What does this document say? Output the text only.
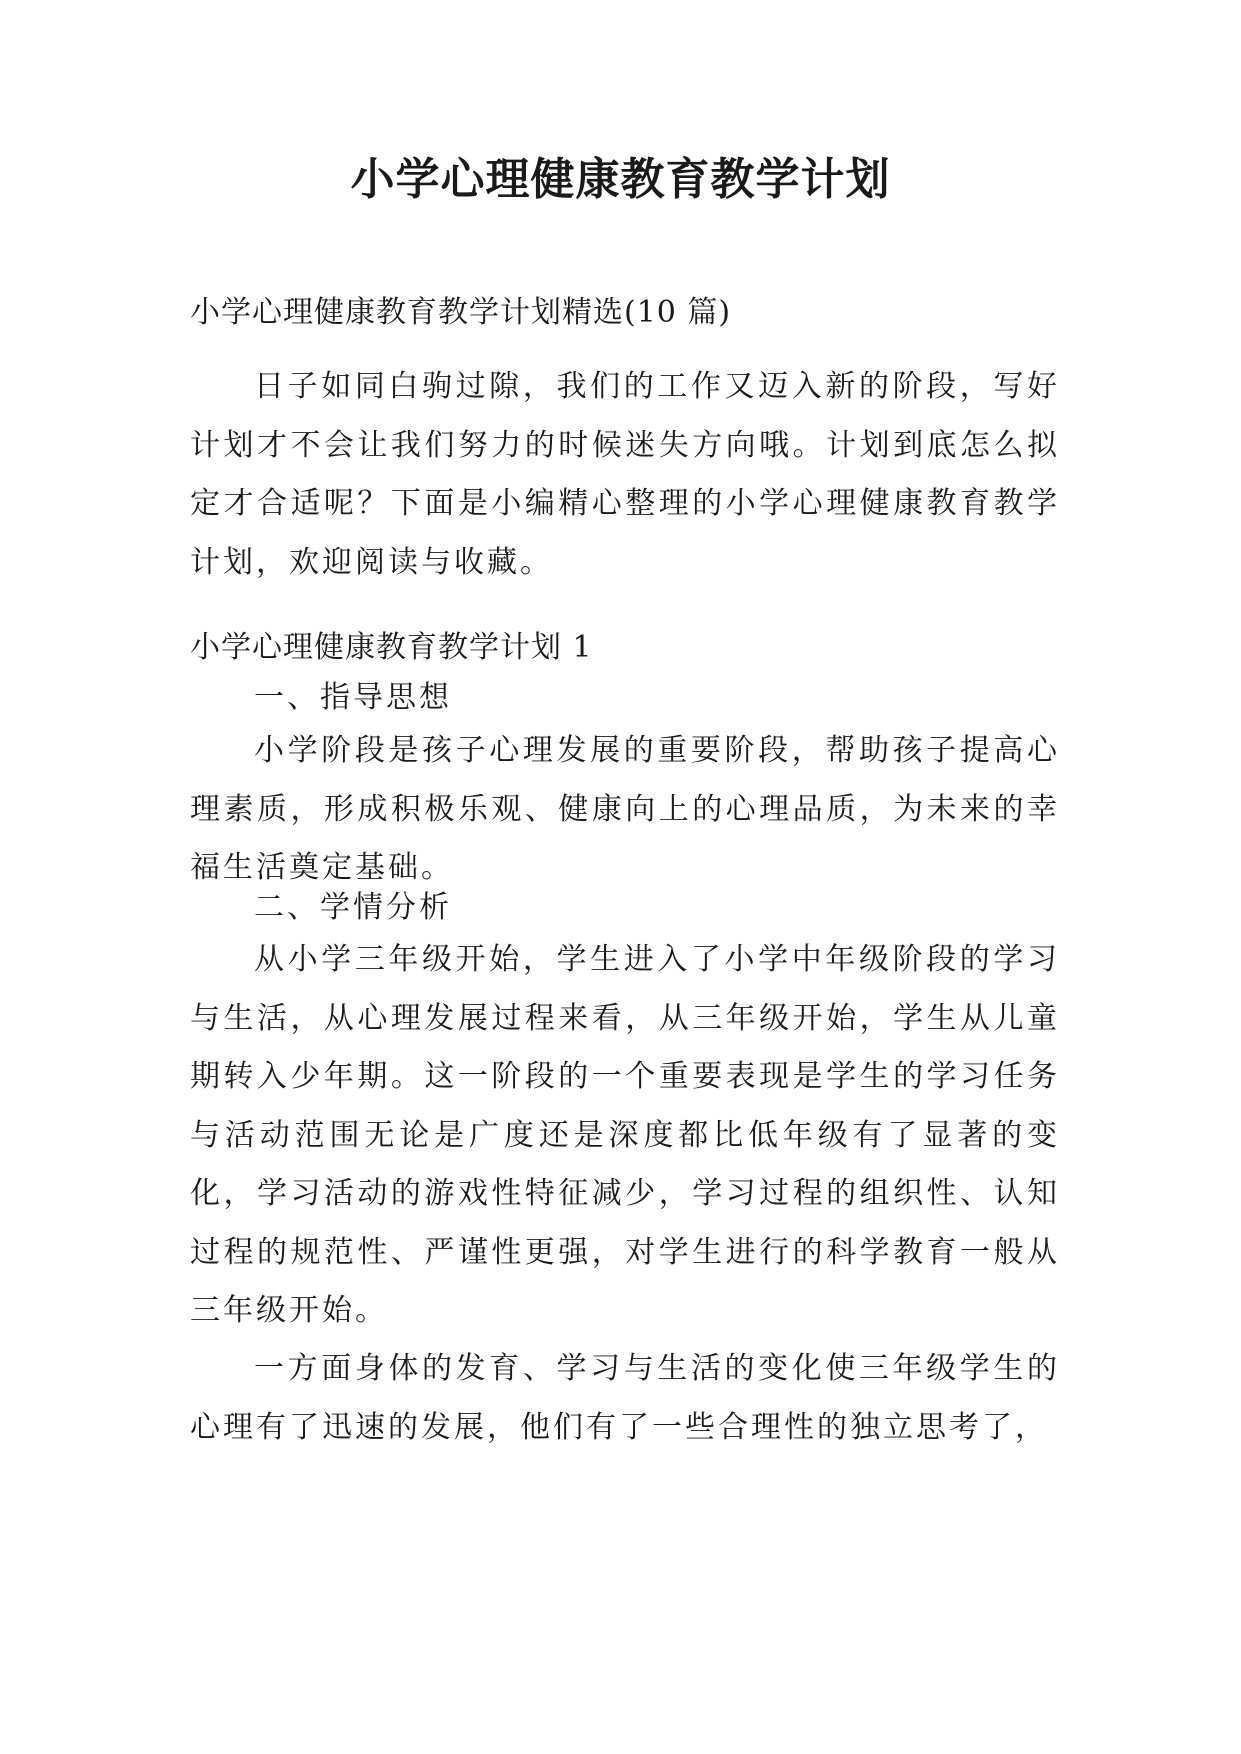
小学心理健康教育教学计划
小学心理健康教育教学计划精选(10 篇)

日子如同白驹过隙，我们的工作又迈入新的阶段，写好计划才不会让我们努力的时候迷失方向哦。计划到底怎么拟定才合适呢？下面是小编精心整理的小学心理健康教育教学计划，欢迎阅读与收藏。

小学心理健康教育教学计划 1
一、指导思想

小学阶段是孩子心理发展的重要阶段，帮助孩子提高心理素质，形成积极乐观、健康向上的心理品质，为未来的幸福生活奠定基础。

二、学情分析

从小学三年级开始，学生进入了小学中年级阶段的学习与生活，从心理发展过程来看，从三年级开始，学生从儿童期转入少年期。这一阶段的一个重要表现是学生的学习任务与活动范围无论是广度还是深度都比低年级有了显著的变化，学习活动的游戏性特征减少，学习过程的组织性、认知过程的规范性、严谨性更强，对学生进行的科学教育一般从三年级开始。

一方面身体的发育、学习与生活的变化使三年级学生的心理有了迅速的发展，他们有了一些合理性的独立思考了，
